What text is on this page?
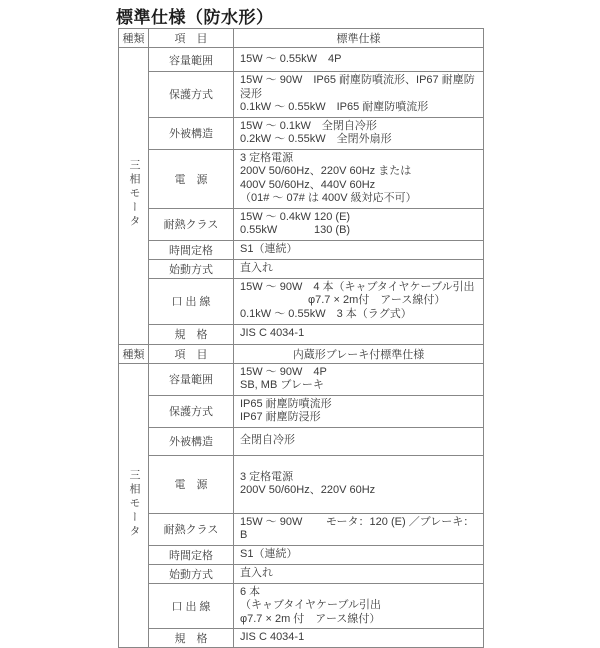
標準仕様（防水形）
種類	項　目	標準仕様
三相モータ	容量範囲	15W ～ 0.55kW　4P

	保護方式	15W ～ 90W　IP65 耐塵防噴流形、IP67 耐塵防浸形
0.1kW ～ 0.55kW　IP65 耐塵防噴流形

	外被構造	15W ～ 0.1kW　全閉自冷形
0.2kW ～ 0.55kW　全閉外扇形

	電　源	3 定格電源
200V 50/60Hz、220V 60Hz または
400V 50/60Hz、440V 60Hz
（01# ～ 07# は 400V 級対応不可）

	耐熱クラス	15W ～ 0.4kW 120 (E)
0.55kW 130 (B)

	時間定格	S1（連続）

	始動方式	直入れ

	口 出 線	15W ～ 90W　4 本（キャブタイヤケーブル引出
φ7.7 × 2m付　アース線付）
0.1kW ～ 0.55kW　3 本（ラグ式）

	規　格	JIS C 4034-1
種類	項　目	内蔵形ブレーキ付標準仕様
三相モータ	容量範囲	15W ～ 90W　4P
SB, MB ブレーキ

	保護方式	IP65 耐塵防噴流形
IP67 耐塵防浸形

	外被構造	全閉自冷形

	電　源	3 定格電源
200V 50/60Hz、220V 60Hz

	耐熱クラス	15W ～ 90W モータ：120 (E) ／ブレーキ：B

	時間定格	S1（連続）

	始動方式	直入れ

	口 出 線	6 本
（キャブタイヤケーブル引出
φ7.7 × 2m 付　アース線付）

	規　格	JIS C 4034-1
